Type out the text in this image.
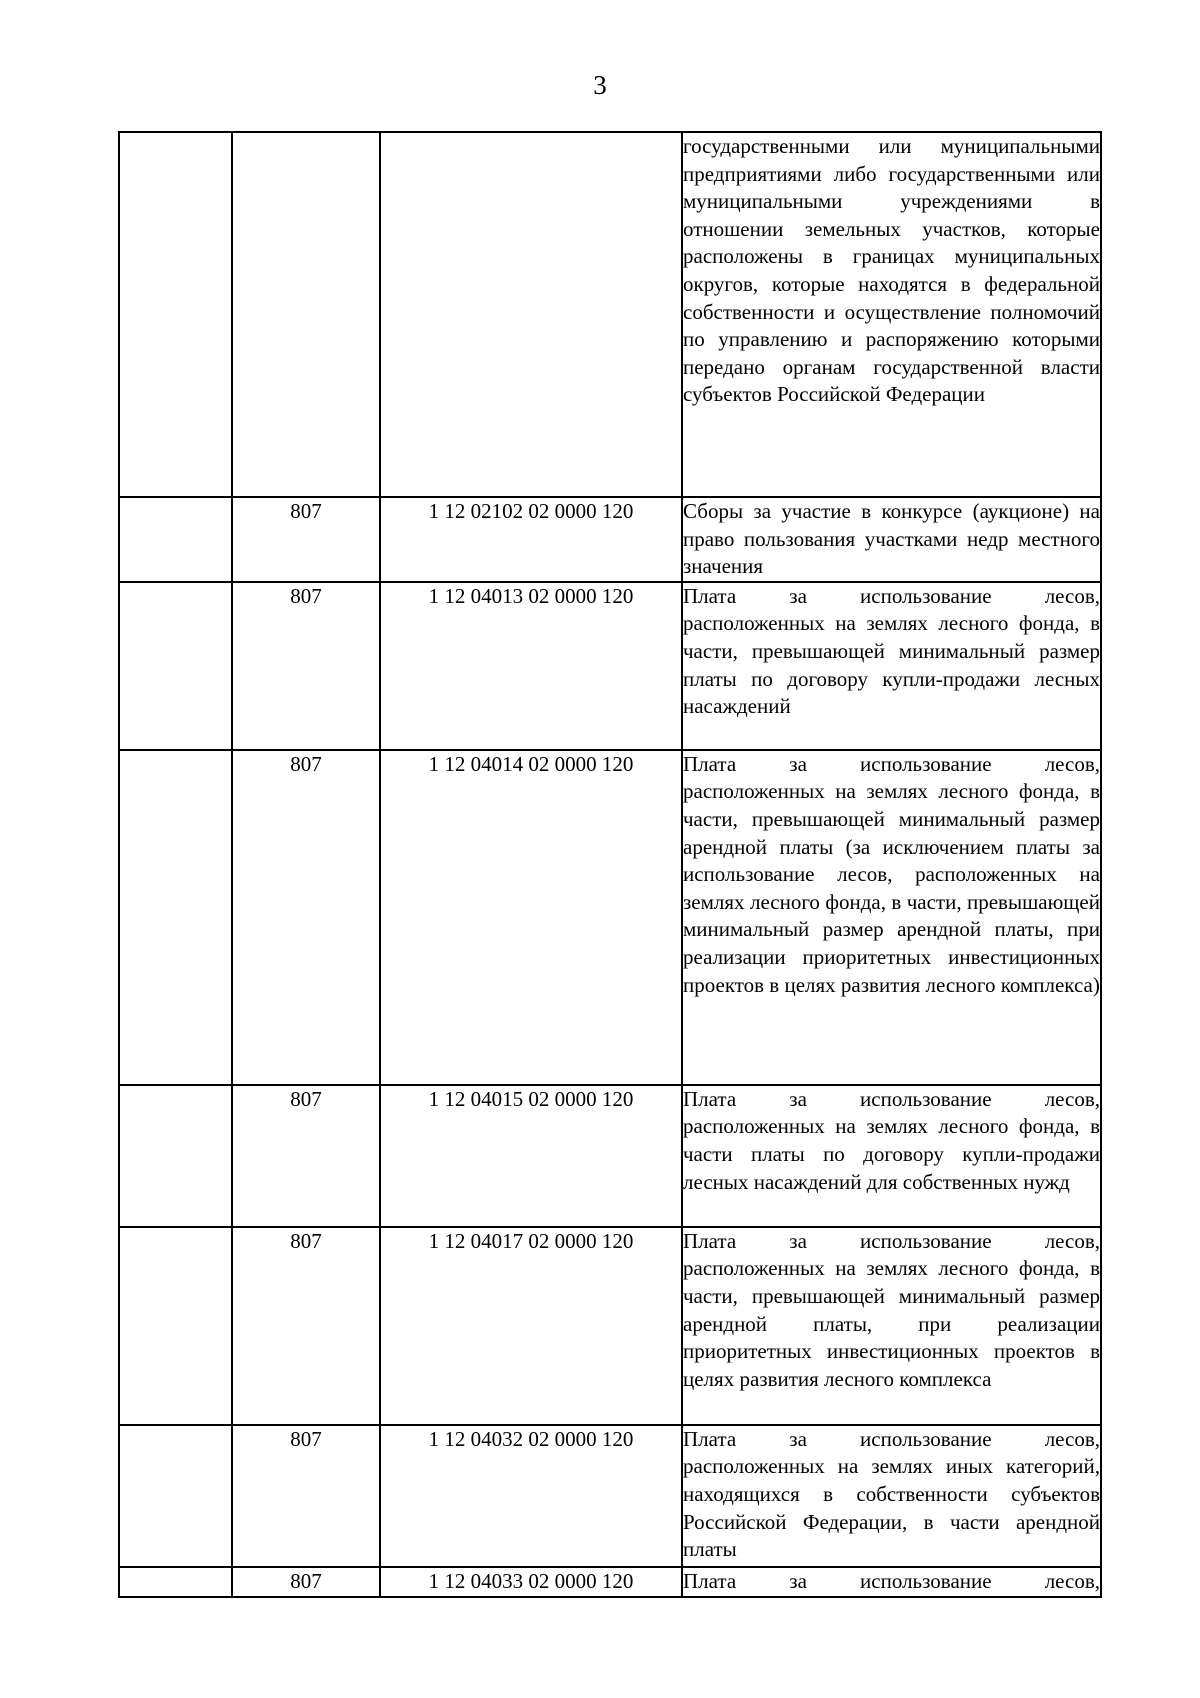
3
			государственными или муниципальными предприятиями либо государственными или муниципальными учреждениями в отношении земельных участков, которые расположены в границах муниципальных округов, которые находятся в федеральной собственности и осуществление полномочий по управлению и распоряжению которыми передано органам государственной власти субъектов Российской Федерации
	807	1 12 02102 02 0000 120	Сборы за участие в конкурсе (аукционе) на право пользования участками недр местного значения
	807	1 12 04013 02 0000 120	Плата за использование лесов, расположенных на землях лесного фонда, в части, превышающей минимальный размер платы по договору купли-продажи лесных насаждений
	807	1 12 04014 02 0000 120	Плата за использование лесов, расположенных на землях лесного фонда, в части, превышающей минимальный размер арендной платы (за исключением платы за использование лесов, расположенных на землях лесного фонда, в части, превышающей минимальный размер арендной платы, при реализации приоритетных инвестиционных проектов в целях развития лесного комплекса)
	807	1 12 04015 02 0000 120	Плата за использование лесов, расположенных на землях лесного фонда, в части платы по договору купли-продажи лесных насаждений для собственных нужд
	807	1 12 04017 02 0000 120	Плата за использование лесов, расположенных на землях лесного фонда, в части, превышающей минимальный размер арендной платы, при реализации приоритетных инвестиционных проектов в целях развития лесного комплекса
	807	1 12 04032 02 0000 120	Плата за использование лесов, расположенных на землях иных категорий, находящихся в собственности субъектов Российской Федерации, в части арендной платы
	807	1 12 04033 02 0000 120	Плата за использование лесов,
